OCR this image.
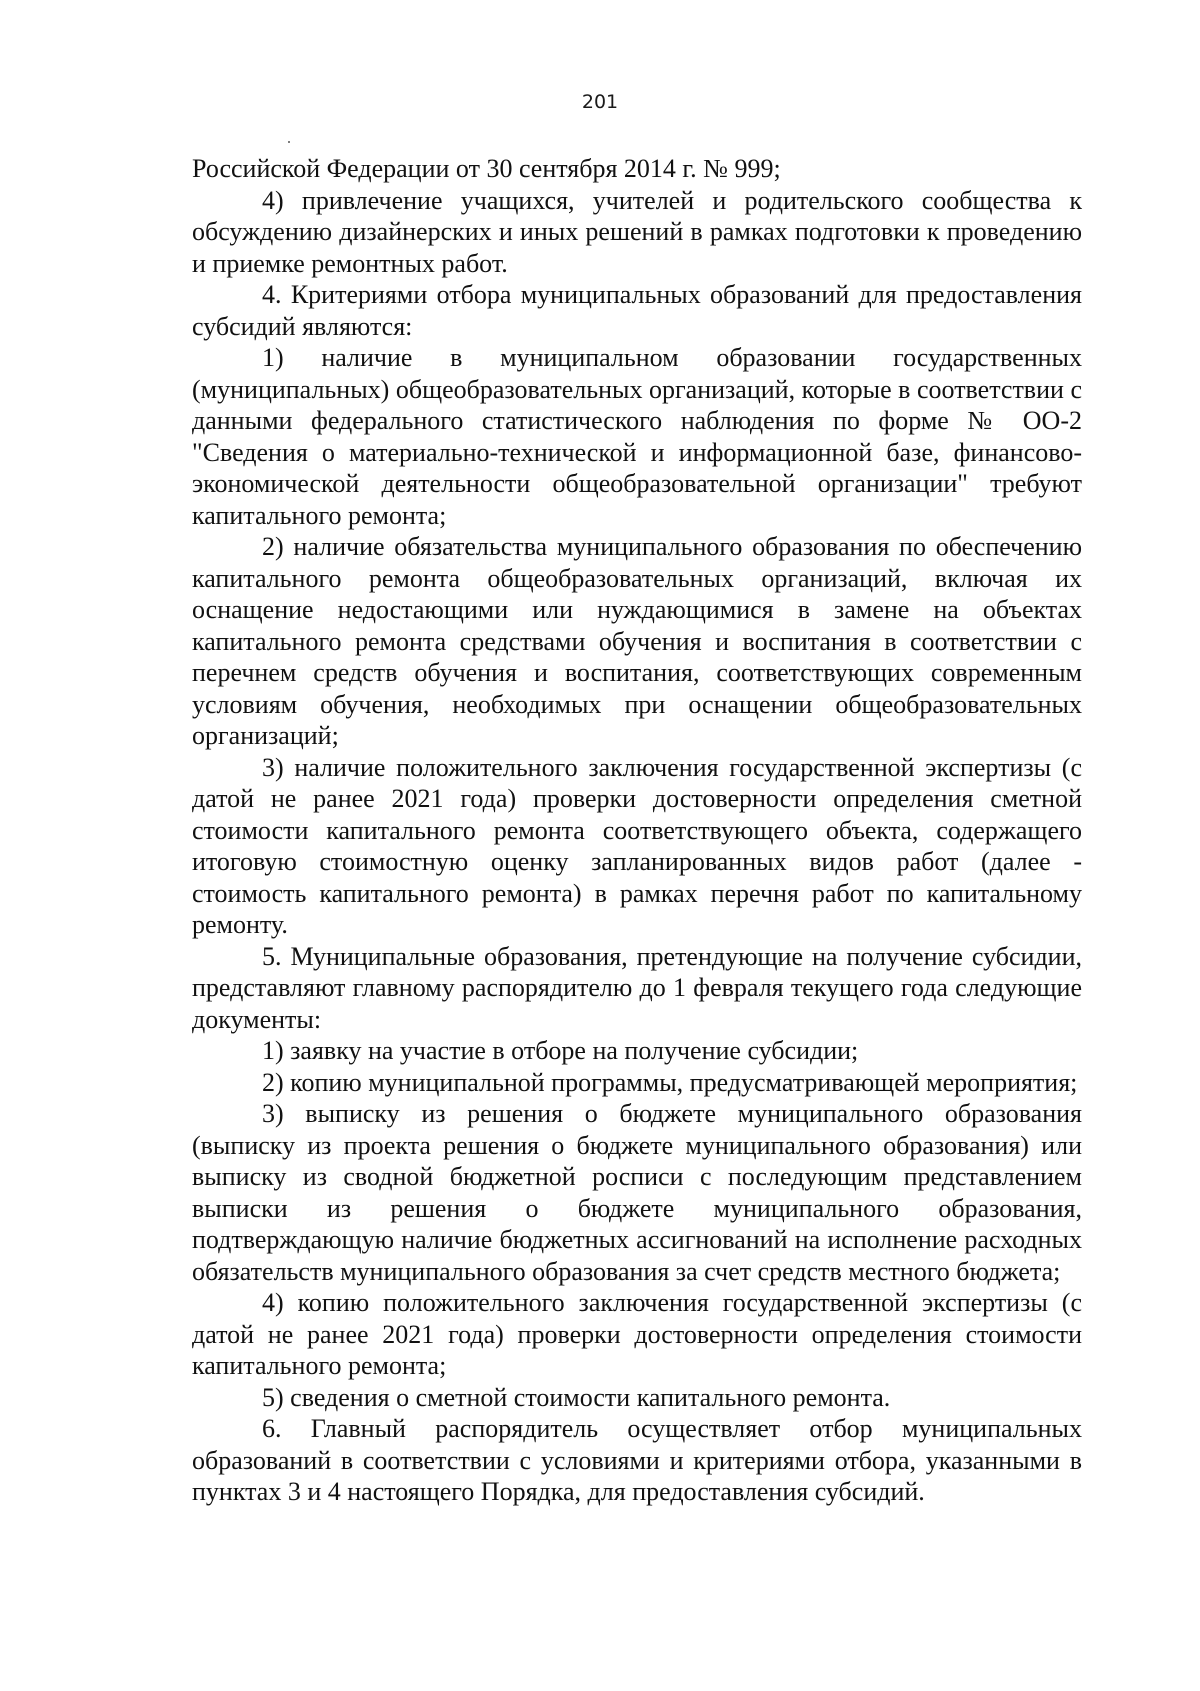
201

Российской Федерации от 30 сентября 2014 г. № 999;

4) привлечение учащихся, учителей и родительского сообщества к обсуждению дизайнерских и иных решений в рамках подготовки к проведению и приемке ремонтных работ.

4. Критериями отбора муниципальных образований для предоставления субсидий являются:

1) наличие в муниципальном образовании государственных (муниципальных) общеобразовательных организаций, которые в соответствии с данными федерального статистического наблюдения по форме № ОО-2 "Сведения о материально-технической и информационной базе, финансово-экономической деятельности общеобразовательной организации" требуют капитального ремонта;

2) наличие обязательства муниципального образования по обеспечению капитального ремонта общеобразовательных организаций, включая их оснащение недостающими или нуждающимися в замене на объектах капитального ремонта средствами обучения и воспитания в соответствии с перечнем средств обучения и воспитания, соответствующих современным условиям обучения, необходимых при оснащении общеобразовательных организаций;

3) наличие положительного заключения государственной экспертизы (с датой не ранее 2021 года) проверки достоверности определения сметной стоимости капитального ремонта соответствующего объекта, содержащего итоговую стоимостную оценку запланированных видов работ (далее - стоимость капитального ремонта) в рамках перечня работ по капитальному ремонту.

5. Муниципальные образования, претендующие на получение субсидии, представляют главному распорядителю до 1 февраля текущего года следующие документы:

1) заявку на участие в отборе на получение субсидии;

2) копию муниципальной программы, предусматривающей мероприятия;

3) выписку из решения о бюджете муниципального образования (выписку из проекта решения о бюджете муниципального образования) или выписку из сводной бюджетной росписи с последующим представлением выписки из решения о бюджете муниципального образования, подтверждающую наличие бюджетных ассигнований на исполнение расходных обязательств муниципального образования за счет средств местного бюджета;

4) копию положительного заключения государственной экспертизы (с датой не ранее 2021 года) проверки достоверности определения стоимости капитального ремонта;

5) сведения о сметной стоимости капитального ремонта.

6. Главный распорядитель осуществляет отбор муниципальных образований в соответствии с условиями и критериями отбора, указанными в пунктах 3 и 4 настоящего Порядка, для предоставления субсидий.
